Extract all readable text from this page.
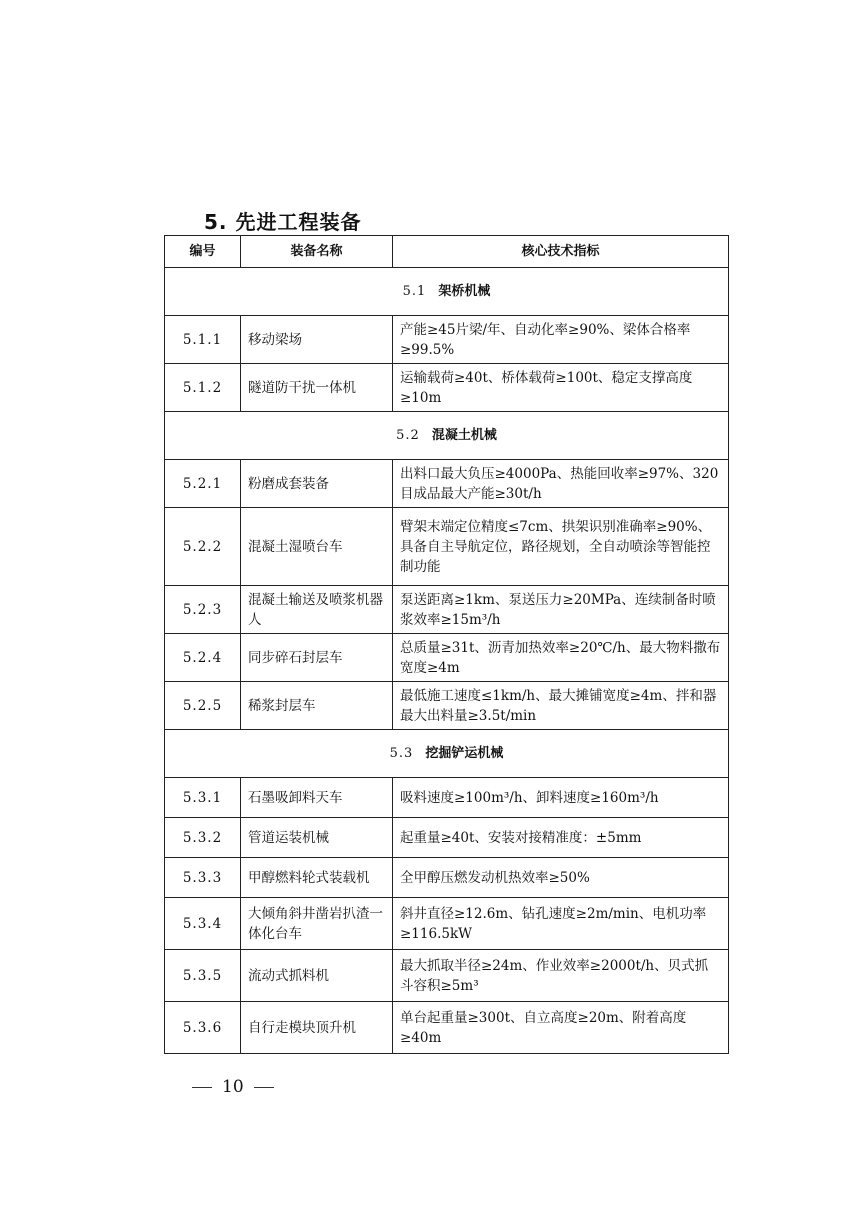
5. 先进工程装备
编号	装备名称	核心技术指标
5.1 架桥机械		
5.1.1	移动梁场	产能≥45片梁/年、自动化率≥90%、梁体合格率≥99.5%
5.1.2	隧道防干扰一体机	运输载荷≥40t、桥体载荷≥100t、稳定支撑高度≥10m
5.2 混凝土机械		
5.2.1	粉磨成套装备	出料口最大负压≥4000Pa、热能回收率≥97%、320目成品最大产能≥30t/h
5.2.2	混凝土湿喷台车	臂架末端定位精度≤7cm、拱架识别准确率≥90%、具备自主导航定位，路径规划，全自动喷涂等智能控制功能
5.2.3	混凝土输送及喷浆机器人	泵送距离≥1km、泵送压力≥20MPa、连续制备时喷浆效率≥15m³/h
5.2.4	同步碎石封层车	总质量≥31t、沥青加热效率≥20℃/h、最大物料撒布宽度≥4m
5.2.5	稀浆封层车	最低施工速度≤1km/h、最大摊铺宽度≥4m、拌和器最大出料量≥3.5t/min
5.3 挖掘铲运机械		
5.3.1	石墨吸卸料天车	吸料速度≥100m³/h、卸料速度≥160m³/h
5.3.2	管道运装机械	起重量≥40t、安装对接精准度：±5mm
5.3.3	甲醇燃料轮式装载机	全甲醇压燃发动机热效率≥50%
5.3.4	大倾角斜井凿岩扒渣一体化台车	斜井直径≥12.6m、钻孔速度≥2m/min、电机功率≥116.5kW
5.3.5	流动式抓料机	最大抓取半径≥24m、作业效率≥2000t/h、贝式抓斗容积≥5m³
5.3.6	自行走模块顶升机	单台起重量≥300t、自立高度≥20m、附着高度≥40m
10
